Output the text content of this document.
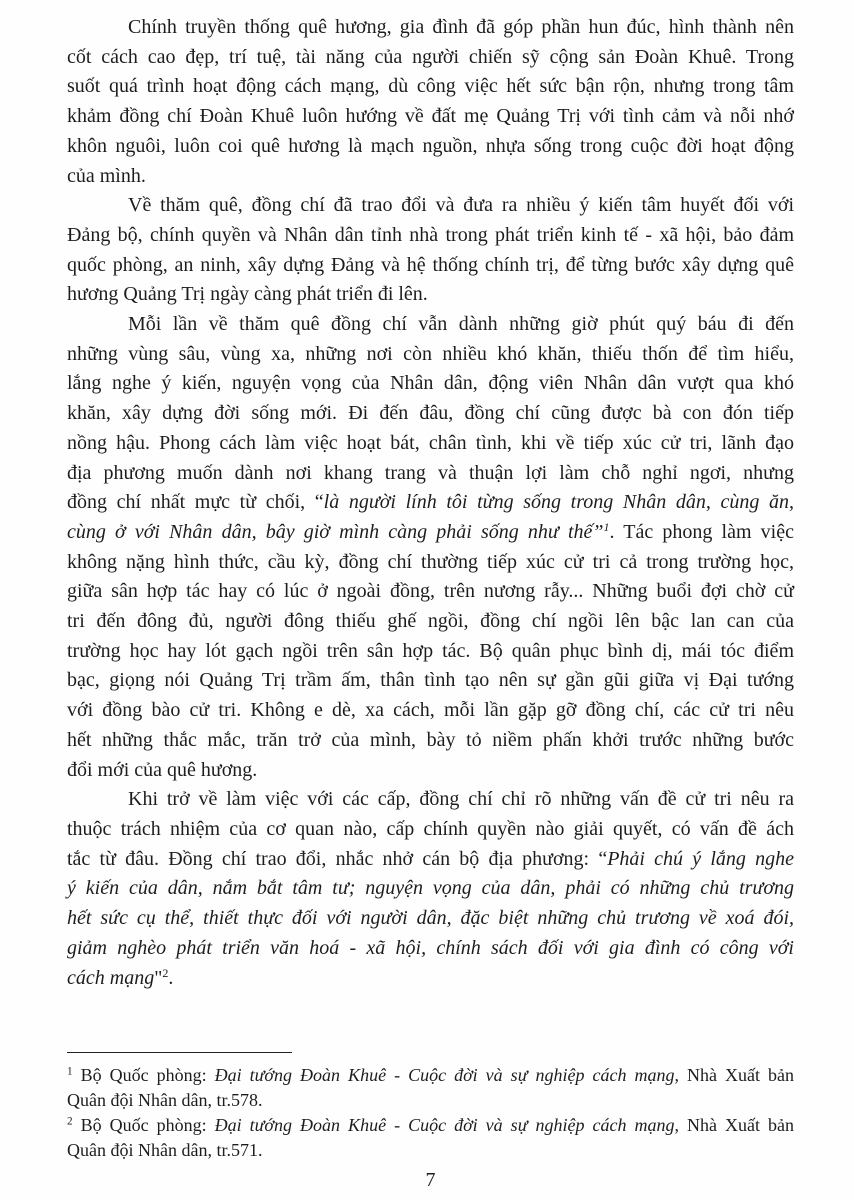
Chính truyền thống quê hương, gia đình đã góp phần hun đúc, hình thành nên
cốt cách cao đẹp, trí tuệ, tài năng của người chiến sỹ cộng sản Đoàn Khuê. Trong
suốt quá trình hoạt động cách mạng, dù công việc hết sức bận rộn, nhưng trong tâm
khảm đồng chí Đoàn Khuê luôn hướng về đất mẹ Quảng Trị với tình cảm và nỗi nhớ
khôn nguôi, luôn coi quê hương là mạch nguồn, nhựa sống trong cuộc đời hoạt động
của mình.
Về thăm quê, đồng chí đã trao đổi và đưa ra nhiều ý kiến tâm huyết đối với
Đảng bộ, chính quyền và Nhân dân tỉnh nhà trong phát triển kinh tế - xã hội, bảo đảm
quốc phòng, an ninh, xây dựng Đảng và hệ thống chính trị, để từng bước xây dựng quê
hương Quảng Trị ngày càng phát triển đi lên.
Mỗi lần về thăm quê đồng chí vẫn dành những giờ phút quý báu đi đến
những vùng sâu, vùng xa, những nơi còn nhiều khó khăn, thiếu thốn để tìm hiểu,
lắng nghe ý kiến, nguyện vọng của Nhân dân, động viên Nhân dân vượt qua khó
khăn, xây dựng đời sống mới. Đi đến đâu, đồng chí cũng được bà con đón tiếp
nồng hậu. Phong cách làm việc hoạt bát, chân tình, khi về tiếp xúc cử tri, lãnh đạo
địa phương muốn dành nơi khang trang và thuận lợi làm chỗ nghỉ ngơi, nhưng
đồng chí nhất mực từ chối, “là người lính tôi từng sống trong Nhân dân, cùng ăn,
cùng ở với Nhân dân, bây giờ mình càng phải sống như thế”$^1$. Tác phong làm việc
không nặng hình thức, cầu kỳ, đồng chí thường tiếp xúc cử tri cả trong trường học,
giữa sân hợp tác hay có lúc ở ngoài đồng, trên nương rẫy... Những buổi đợi chờ cử
tri đến đông đủ, người đông thiếu ghế ngồi, đồng chí ngồi lên bậc lan can của
trường học hay lót gạch ngồi trên sân hợp tác. Bộ quân phục bình dị, mái tóc điểm
bạc, giọng nói Quảng Trị trầm ấm, thân tình tạo nên sự gần gũi giữa vị Đại tướng
với đồng bào cử tri. Không e dè, xa cách, mỗi lần gặp gỡ đồng chí, các cử tri nêu
hết những thắc mắc, trăn trở của mình, bày tỏ niềm phấn khởi trước những bước
đổi mới của quê hương.
Khi trở về làm việc với các cấp, đồng chí chỉ rõ những vấn đề cử tri nêu ra
thuộc trách nhiệm của cơ quan nào, cấp chính quyền nào giải quyết, có vấn đề ách
tắc từ đâu. Đồng chí trao đổi, nhắc nhở cán bộ địa phương: “Phải chú ý lắng nghe
ý kiến của dân, nắm bắt tâm tư; nguyện vọng của dân, phải có những chủ trương
hết sức cụ thể, thiết thực đối với người dân, đặc biệt những chủ trương về xoá đói,
giảm nghèo phát triển văn hoá - xã hội, chính sách đối với gia đình có công với
cách mạng"$^2$.
$^1$ Bộ Quốc phòng: Đại tướng Đoàn Khuê - Cuộc đời và sự nghiệp cách mạng, Nhà Xuất bản
Quân đội Nhân dân, tr.578.
$^2$ Bộ Quốc phòng: Đại tướng Đoàn Khuê - Cuộc đời và sự nghiệp cách mạng, Nhà Xuất bản
Quân đội Nhân dân, tr.571.
7
